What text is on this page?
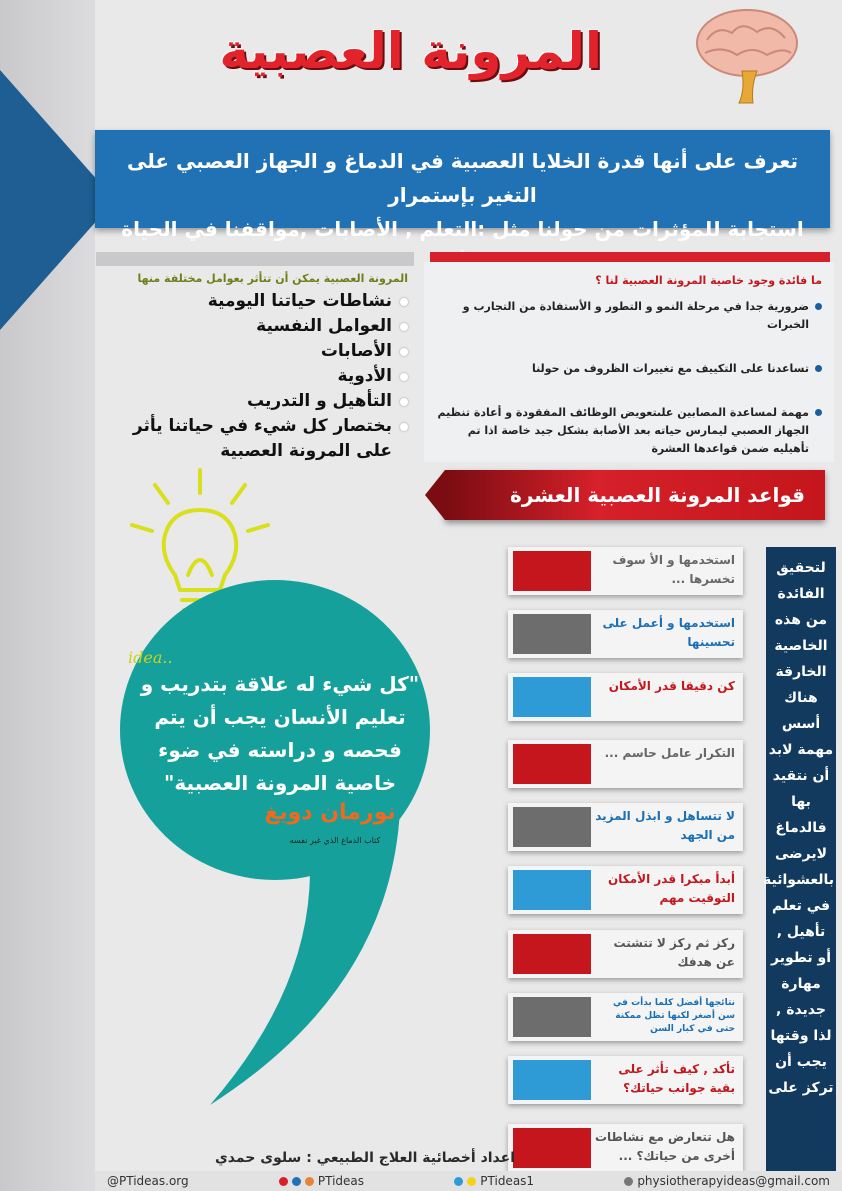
المرونة العصبية
تعرف على أنها قدرة الخلايا العصبية في الدماغ و الجهاز العصبي على التغير بإستمرار
استجابة للمؤثرات من حولنا مثل :التعلم , الأصابات ,مواقفنا في الحياة
ما فائدة وجود خاصية المرونة العصبية لنا ؟
ضرورية جدا في مرحلة النمو و التطور و الأستفادة من التجارب و الخبرات
تساعدنا على التكييف مع تغييرات الظروف من حولنا
مهمة لمساعدة المصابين علىتعويض الوظائف المفقودة و أعادة تنظيم الجهاز العصبي ليمارس حياته بعد الأصابة بشكل جيد خاصة اذا تم تأهيليه ضمن قواعدها العشرة
المرونة العصبية يمكن أن تتأثر بعوامل مختلفة منها
نشاطات حياتنا اليومية
العوامل النفسية
الأصابات
الأدوية
التأهيل و التدريب
بختصار كل شيء في حياتنا يأثر على المرونة العصبية
idea..
"كل شيء له علاقة بتدريب و تعليم الأنسان يجب أن يتم فحصه و دراسته في ضوء خاصية المرونة العصبية"
نورمان دويغ
كتاب الدماغ الذي غير نفسه
قواعد المرونة العصبية العشرة
لتحقيق الفائدة من هذه الخاصية الخارقة هناك أسس مهمة لابد أن نتقيد بها فالدماغ لايرضى بالعشوائية في تعلم تأهيل , أو تطوير مهارة جديدة , لذا وقتها يجب أن تركز على
استخدمها و الأ سوف تخسرها ...
استخدمها و أعمل على تحسينها
كن دقيقا قدر الأمكان
التكرار عامل حاسم ...
لا تتساهل و ابذل المزيد من الجهد
أبدأ مبكرا قدر الأمكان التوقيت مهم
ركز ثم ركز لا تتشتت عن هدفك
نتائجها أفضل كلما بدأت في سن أصغر لكنها تظل ممكنة حتى في كبار السن
تأكد , كيف تأثر على بقية جوانب حياتك؟
هل تتعارض مع نشاطات أخرى من حياتك؟ ...
اعداد أخصائية العلاج الطبيعي : سلوى حمدي
@PTideas.org	PTideas	PTideas1	physiotherapyideas@gmail.com
